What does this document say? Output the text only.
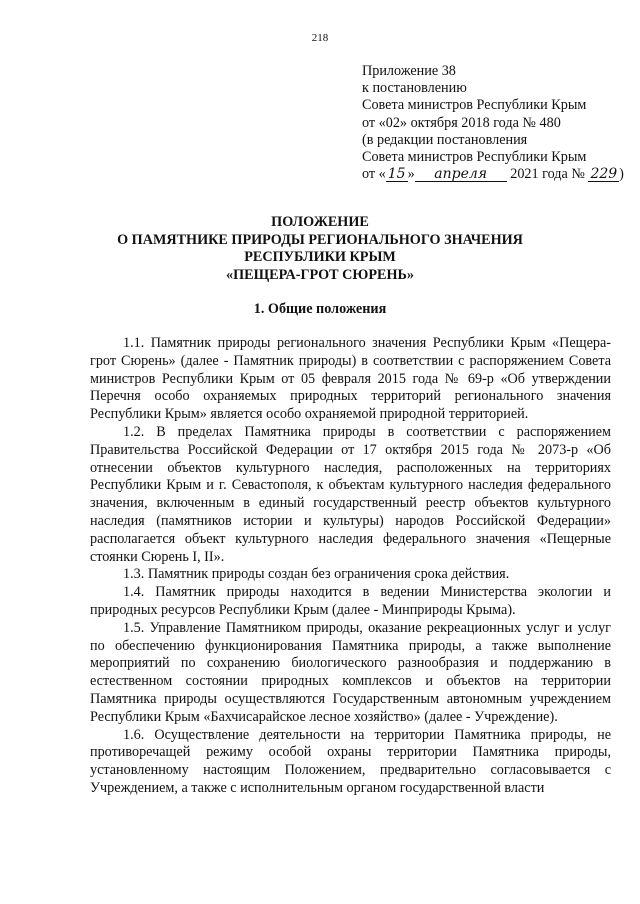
218
Приложение 38
к постановлению
Совета министров Республики Крым
от «02» октября 2018 года № 480
(в редакции постановления
Совета министров Республики Крым
от « 15 » апреля 2021 года № 229 )
ПОЛОЖЕНИЕ
О ПАМЯТНИКЕ ПРИРОДЫ РЕГИОНАЛЬНОГО ЗНАЧЕНИЯ
РЕСПУБЛИКИ КРЫМ
«ПЕЩЕРА-ГРОТ СЮРЕНЬ»
1. Общие положения

1.1. Памятник природы регионального значения Республики Крым «Пещера-грот Сюрень» (далее - Памятник природы) в соответствии с распоряжением Совета министров Республики Крым от 05 февраля 2015 года № 69-р «Об утверждении Перечня особо охраняемых природных территорий регионального значения Республики Крым» является особо охраняемой природной территорией.

1.2. В пределах Памятника природы в соответствии с распоряжением Правительства Российской Федерации от 17 октября 2015 года № 2073-р «Об отнесении объектов культурного наследия, расположенных на территориях Республики Крым и г. Севастополя, к объектам культурного наследия федерального значения, включенным в единый государственный реестр объектов культурного наследия (памятников истории и культуры) народов Российской Федерации» располагается объект культурного наследия федерального значения «Пещерные стоянки Сюрень I, II».

1.3. Памятник природы создан без ограничения срока действия.

1.4. Памятник природы находится в ведении Министерства экологии и природных ресурсов Республики Крым (далее - Минприроды Крыма).

1.5. Управление Памятником природы, оказание рекреационных услуг и услуг по обеспечению функционирования Памятника природы, а также выполнение мероприятий по сохранению биологического разнообразия и поддержанию в естественном состоянии природных комплексов и объектов на территории Памятника природы осуществляются Государственным автономным учреждением Республики Крым «Бахчисарайское лесное хозяйство» (далее - Учреждение).

1.6. Осуществление деятельности на территории Памятника природы, не противоречащей режиму особой охраны территории Памятника природы, установленному настоящим Положением, предварительно согласовывается с Учреждением, а также с исполнительным органом государственной власти
